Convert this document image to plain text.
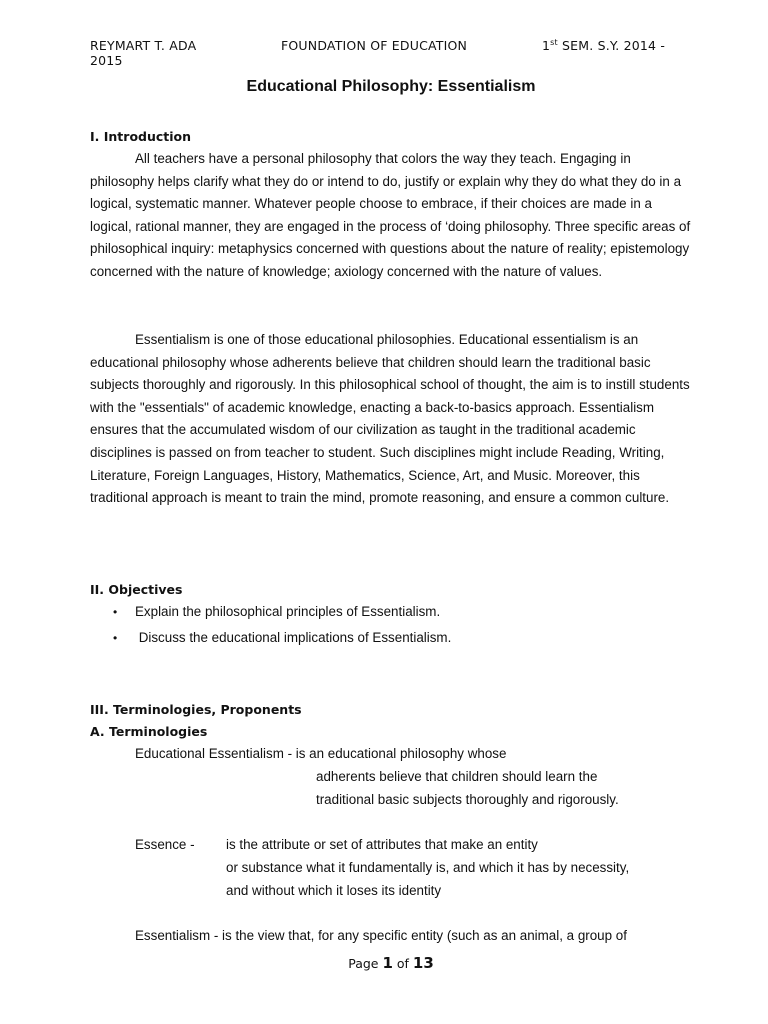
REYMART T. ADA	FOUNDATION OF EDUCATION	1st SEM. S.Y. 2014 -
2015
Educational Philosophy: Essentialism
I. Introduction
All teachers have a personal philosophy that colors the way they teach. Engaging in philosophy helps clarify what they do or intend to do, justify or explain why they do what they do in a logical, systematic manner. Whatever people choose to embrace, if their choices are made in a logical, rational manner, they are engaged in the process of ‘doing philosophy. Three specific areas of philosophical inquiry: metaphysics concerned with questions about the nature of reality; epistemology concerned with the nature of knowledge; axiology concerned with the nature of values.
Essentialism is one of those educational philosophies. Educational essentialism is an educational philosophy whose adherents believe that children should learn the traditional basic subjects thoroughly and rigorously. In this philosophical school of thought, the aim is to instill students with the "essentials" of academic knowledge, enacting a back-to-basics approach. Essentialism ensures that the accumulated wisdom of our civilization as taught in the traditional academic disciplines is passed on from teacher to student. Such disciplines might include Reading, Writing, Literature, Foreign Languages, History, Mathematics, Science, Art, and Music. Moreover, this traditional approach is meant to train the mind, promote reasoning, and ensure a common culture.
II. Objectives
• Explain the philosophical principles of Essentialism.
• Discuss the educational implications of Essentialism.
III. Terminologies, Proponents
A. Terminologies
Educational Essentialism - is an educational philosophy whose
adherents believe that children should learn the
traditional basic subjects thoroughly and rigorously.
Essence - is the attribute or set of attributes that make an entity
or substance what it fundamentally is, and which it has by necessity,
and without which it loses its identity
Essentialism - is the view that, for any specific entity (such as an animal, a group of
Page 1 of 13
